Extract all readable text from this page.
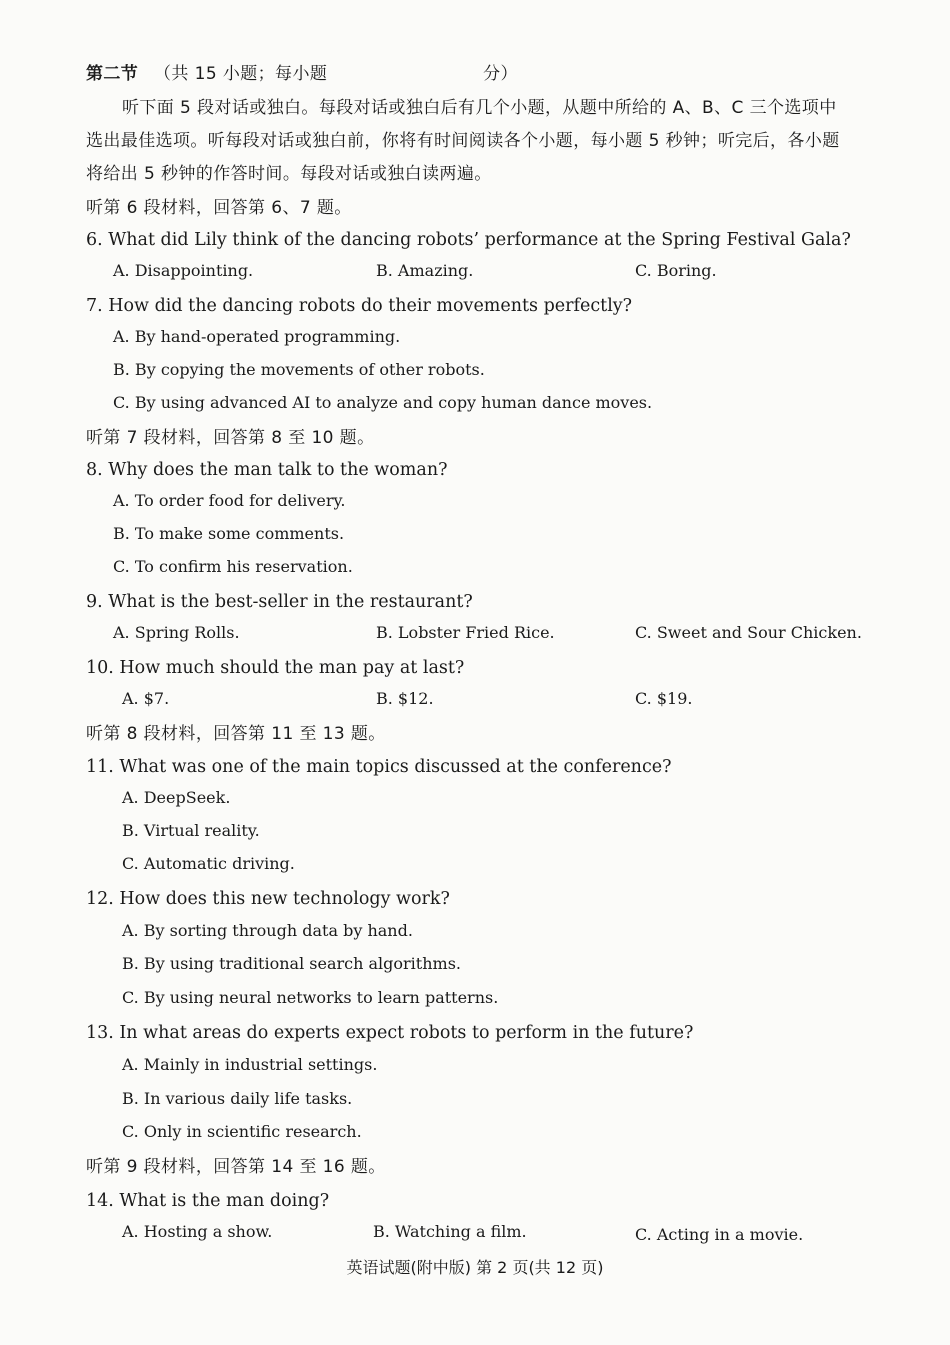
第二节 （共 15 小题；每小题	分）
听下面 5 段对话或独白。每段对话或独白后有几个小题，从题中所给的 A、B、C 三个选项中
选出最佳选项。听每段对话或独白前，你将有时间阅读各个小题，每小题 5 秒钟；听完后，各小题
将给出 5 秒钟的作答时间。每段对话或独白读两遍。
听第 6 段材料，回答第 6、7 题。
6. What did Lily think of the dancing robots’ performance at the Spring Festival Gala?
A. Disappointing.	B. Amazing.	C. Boring.
7. How did the dancing robots do their movements perfectly?
A. By hand-operated programming.
B. By copying the movements of other robots.
C. By using advanced AI to analyze and copy human dance moves.
听第 7 段材料，回答第 8 至 10 题。
8. Why does the man talk to the woman?
A. To order food for delivery.
B. To make some comments.
C. To confirm his reservation.
9. What is the best-seller in the restaurant?
A. Spring Rolls.	B. Lobster Fried Rice.	C. Sweet and Sour Chicken.
10. How much should the man pay at last?
A. $7.	B. $12.	C. $19.
听第 8 段材料，回答第 11 至 13 题。
11. What was one of the main topics discussed at the conference?
A. DeepSeek.
B. Virtual reality.
C. Automatic driving.
12. How does this new technology work?
A. By sorting through data by hand.
B. By using traditional search algorithms.
C. By using neural networks to learn patterns.
13. In what areas do experts expect robots to perform in the future?
A. Mainly in industrial settings.
B. In various daily life tasks.
C. Only in scientific research.
听第 9 段材料，回答第 14 至 16 题。
14. What is the man doing?
A. Hosting a show.	B. Watching a film.	C. Acting in a movie.
英语试题(附中版) 第 2 页(共 12 页)
